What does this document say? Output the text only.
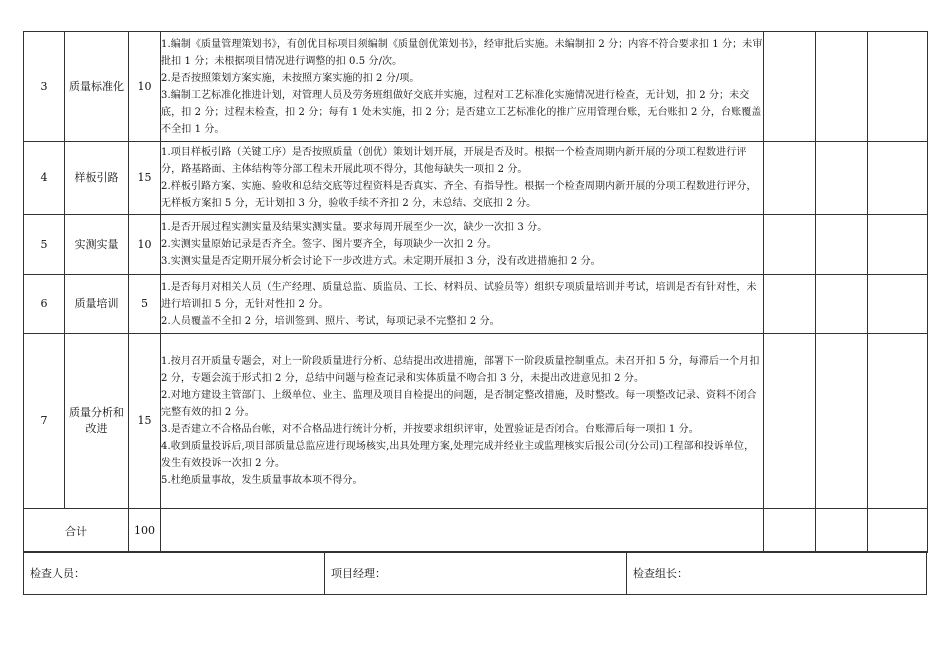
3	质量标准化	10	1.编制《质量管理策划书》，有创优目标项目须编制《质量创优策划书》，经审批后实施。未编制扣 2 分；内容不符合要求扣 1 分；未审批扣 1 分；未根据项目情况进行调整的扣 0.5 分/次。
2.是否按照策划方案实施，未按照方案实施的扣 2 分/项。
3.编制工艺标准化推进计划，对管理人员及劳务班组做好交底并实施，过程对工艺标准化实施情况进行检查，无计划，扣 2 分；未交底，扣 2 分；过程未检查，扣 2 分；每有 1 处未实施，扣 2 分；是否建立工艺标准化的推广应用管理台账，无台账扣 2 分，台账覆盖不全扣 1 分。			

4	样板引路	15	1.项目样板引路（关键工序）是否按照质量（创优）策划计划开展，开展是否及时。根据一个检查周期内新开展的分项工程数进行评分，路基路面、主体结构等分部工程未开展此项不得分，其他每缺失一项扣 2 分。
2.样板引路方案、实施、验收和总结交底等过程资料是否真实、齐全、有指导性。根据一个检查周期内新开展的分项工程数进行评分，无样板方案扣 5 分，无计划扣 3 分，验收手续不齐扣 2 分，未总结、交底扣 2 分。			

5	实测实量	10	1.是否开展过程实测实量及结果实测实量。要求每周开展至少一次，缺少一次扣 3 分。
2.实测实量原始记录是否齐全。签字、图片要齐全，每项缺少一次扣 2 分。
3.实测实量是否定期开展分析会讨论下一步改进方式。未定期开展扣 3 分，没有改进措施扣 2 分。			

6	质量培训	5	1.是否每月对相关人员（生产经理、质量总监、质监员、工长、材料员、试验员等）组织专项质量培训并考试，培训是否有针对性，未进行培训扣 5 分，无针对性扣 2 分。
2.人员覆盖不全扣 2 分，培训签到、照片、考试，每项记录不完整扣 2 分。			

7	质量分析和改进	15	1.按月召开质量专题会，对上一阶段质量进行分析、总结提出改进措施，部署下一阶段质量控制重点。未召开扣 5 分，每滞后一个月扣 2 分，专题会流于形式扣 2 分，总结中问题与检查记录和实体质量不吻合扣 3 分，未提出改进意见扣 2 分。
2.对地方建设主管部门、上级单位、业主、监理及项目自检提出的问题，是否制定整改措施，及时整改。每一项整改记录、资料不闭合完整有效的扣 2 分。
3.是否建立不合格品台帐，对不合格品进行统计分析，并按要求组织评审，处置验证是否闭合。台账滞后每一项扣 1 分。
4.收到质量投诉后,项目部质量总监应进行现场核实,出具处理方案,处理完成并经业主或监理核实后报公司(分公司)工程部和投诉单位，发生有效投诉一次扣 2 分。
5.杜绝质量事故，发生质量事故本项不得分。			

合计		100				
检查人员：	项目经理：	检查组长：
